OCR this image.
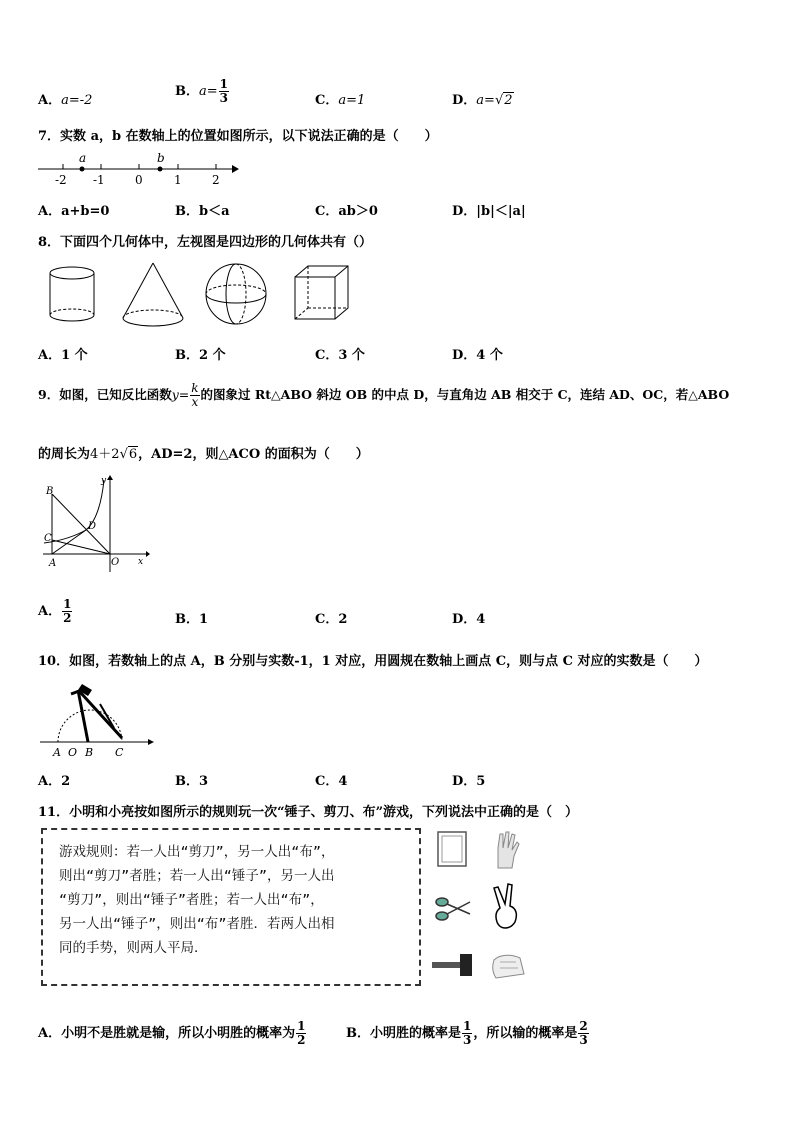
A．a=-2
B．$a= \frac{1}{3}$	C．a=1	D．a=√2
7．实数 a，b 在数轴上的位置如图所示，以下说法正确的是（　　）
a	b
-2 -1	0	1	2
A．a+b=0	B．b＜a	C．ab＞0	D．|b|＜|a|
8．下面四个几何体中，左视图是四边形的几何体共有（）
A．1 个	B．2 个	C．3 个	D．4 个
9．如图，已知反比函数$y= \frac{k}{x}$ 的图象过 Rt△ABO 斜边 OB 的中点 D，与直角边 AB 相交于 C，连结 AD、OC，若△ABO
的周长为4＋2√6，AD=2，则△ACO 的面积为（　　）
B
C
D
A	O x
y
A． $\frac{1}{2}$	B．1	C．2	D．4
10．如图，若数轴上的点 A，B 分别与实数-1，1 对应，用圆规在数轴上画点 C，则与点 C 对应的实数是（　　）
A O B C
A．2	B．3	C．4	D．5
11．小明和小亮按如图所示的规则玩一次“锤子、剪刀、布”游戏，下列说法中正确的是（　）
游戏规则：若一人出“剪刀”，另一人出“布”，
则出“剪刀”者胜；若一人出“锤子”，另一人出
“剪刀”，则出“锤子”者胜；若一人出“布”，
另一人出“锤子”，则出“布”者胜．若两人出相
同的手势，则两人平局．
A．小明不是胜就是输，所以小明胜的概率为 $\frac{1}{2}$	B．小明胜的概率是 $\frac{1}{3}$ ，所以输的概率是 $\frac{2}{3}$
